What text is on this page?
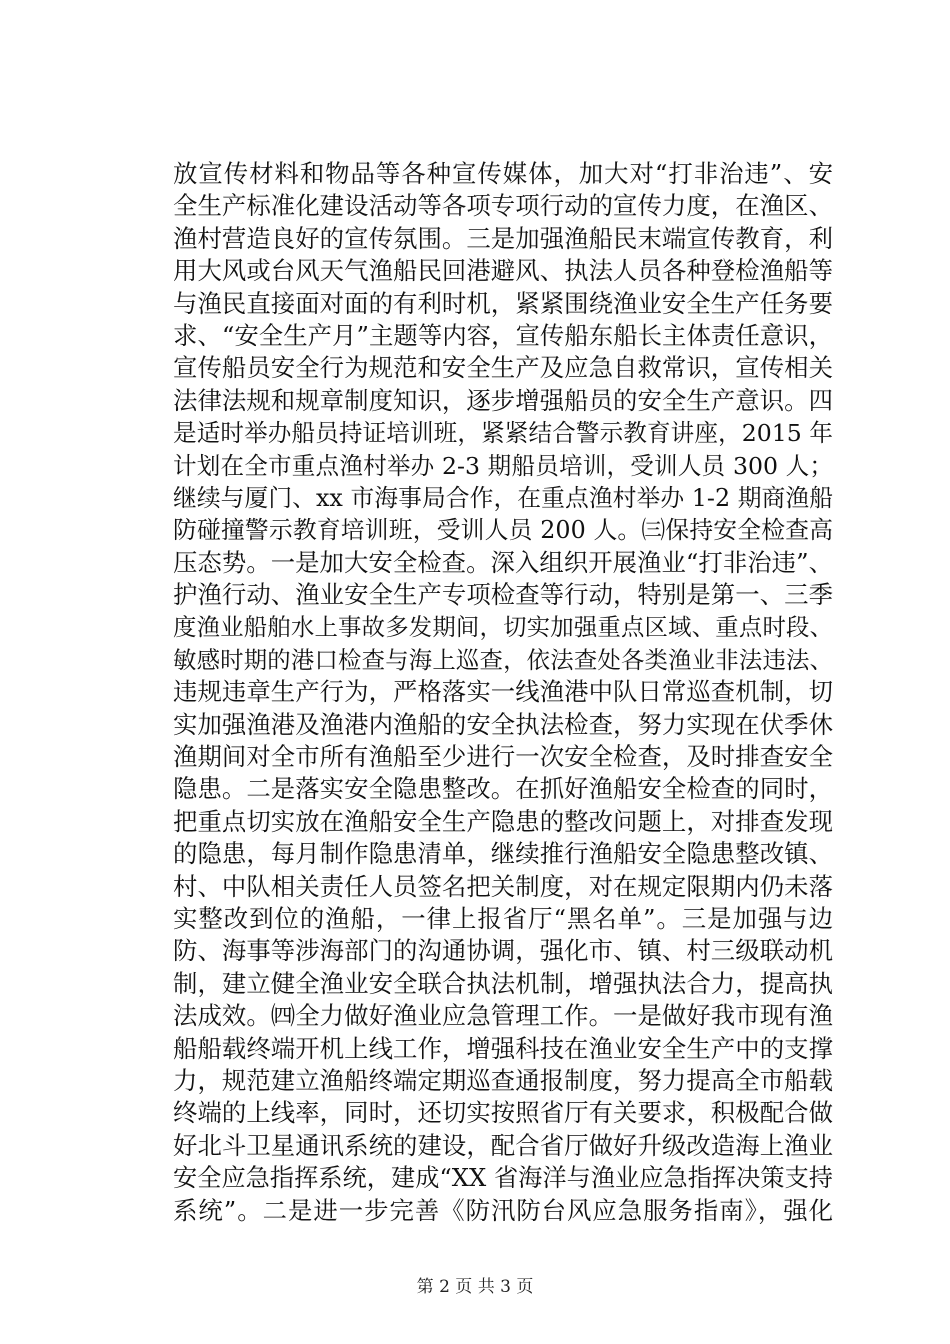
放宣传材料和物品等各种宣传媒体，加大对“打非治违”、安
全生产标准化建设活动等各项专项行动的宣传力度，在渔区、
渔村营造良好的宣传氛围。三是加强渔船民末端宣传教育，利
用大风或台风天气渔船民回港避风、执法人员各种登检渔船等
与渔民直接面对面的有利时机，紧紧围绕渔业安全生产任务要
求、“安全生产月”主题等内容，宣传船东船长主体责任意识，
宣传船员安全行为规范和安全生产及应急自救常识，宣传相关
法律法规和规章制度知识，逐步增强船员的安全生产意识。四
是适时举办船员持证培训班，紧紧结合警示教育讲座，2015 年
计划在全市重点渔村举办 2-3 期船员培训，受训人员 300 人；
继续与厦门、xx 市海事局合作，在重点渔村举办 1-2 期商渔船
防碰撞警示教育培训班，受训人员 200 人。㈢保持安全检查高
压态势。一是加大安全检查。深入组织开展渔业“打非治违”、
护渔行动、渔业安全生产专项检查等行动，特别是第一、三季
度渔业船舶水上事故多发期间，切实加强重点区域、重点时段、
敏感时期的港口检查与海上巡查，依法查处各类渔业非法违法、
违规违章生产行为，严格落实一线渔港中队日常巡查机制，切
实加强渔港及渔港内渔船的安全执法检查，努力实现在伏季休
渔期间对全市所有渔船至少进行一次安全检查，及时排查安全
隐患。二是落实安全隐患整改。在抓好渔船安全检查的同时，
把重点切实放在渔船安全生产隐患的整改问题上，对排查发现
的隐患，每月制作隐患清单，继续推行渔船安全隐患整改镇、
村、中队相关责任人员签名把关制度，对在规定限期内仍未落
实整改到位的渔船，一律上报省厅“黑名单”。三是加强与边
防、海事等涉海部门的沟通协调，强化市、镇、村三级联动机
制，建立健全渔业安全联合执法机制，增强执法合力，提高执
法成效。㈣全力做好渔业应急管理工作。一是做好我市现有渔
船船载终端开机上线工作，增强科技在渔业安全生产中的支撑
力，规范建立渔船终端定期巡查通报制度，努力提高全市船载
终端的上线率，同时，还切实按照省厅有关要求，积极配合做
好北斗卫星通讯系统的建设，配合省厅做好升级改造海上渔业
安全应急指挥系统，建成“XX 省海洋与渔业应急指挥决策支持
系统”。二是进一步完善《防汛防台风应急服务指南》，强化
第 2 页 共 3 页
